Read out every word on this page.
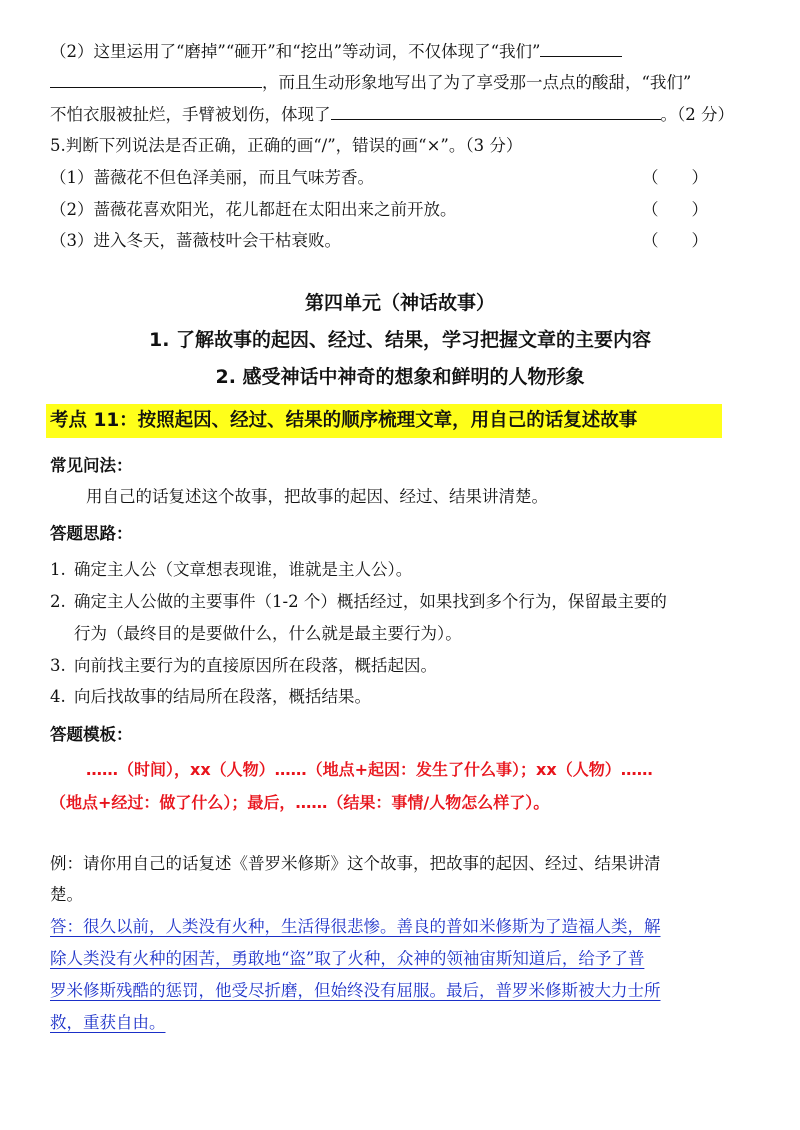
（2）这里运用了“磨掉”“砸开”和“挖出”等动词，不仅体现了“我们”
，而且生动形象地写出了为了享受那一点点的酸甜，“我们”
不怕衣服被扯烂，手臂被划伤，体现了	。（2 分）
5.判断下列说法是否正确，正确的画“/”，错误的画“×”。（3 分）
（1）蔷薇花不但色泽美丽，而且气味芳香。	（　　）
（2）蔷薇花喜欢阳光，花儿都赶在太阳出来之前开放。	（　　）
（3）进入冬天，蔷薇枝叶会干枯衰败。	（　　）
第四单元（神话故事）
1. 了解故事的起因、经过、结果，学习把握文章的主要内容
2. 感受神话中神奇的想象和鲜明的人物形象
考点 11：按照起因、经过、结果的顺序梳理文章，用自己的话复述故事
常见问法：
用自己的话复述这个故事，把故事的起因、经过、结果讲清楚。
答题思路：
1. 确定主人公（文章想表现谁，谁就是主人公）。
2. 确定主人公做的主要事件（1-2 个）概括经过，如果找到多个行为，保留最主要的
行为（最终目的是要做什么，什么就是最主要行为）。
3. 向前找主要行为的直接原因所在段落，概括起因。
4. 向后找故事的结局所在段落，概括结果。
答题模板：
……（时间），xx（人物）……（地点+起因：发生了什么事）；xx（人物）……
（地点+经过：做了什么）；最后，……（结果：事情/人物怎么样了）。
例：请你用自己的话复述《普罗米修斯》这个故事，把故事的起因、经过、结果讲清
楚。
答：很久以前，人类没有火种，生活得很悲惨。善良的普如米修斯为了造福人类，解
除人类没有火种的困苦，勇敢地“盗”取了火种，众神的领袖宙斯知道后，给予了普
罗米修斯残酷的惩罚，他受尽折磨，但始终没有屈服。最后，普罗米修斯被大力士所
救，重获自由。
